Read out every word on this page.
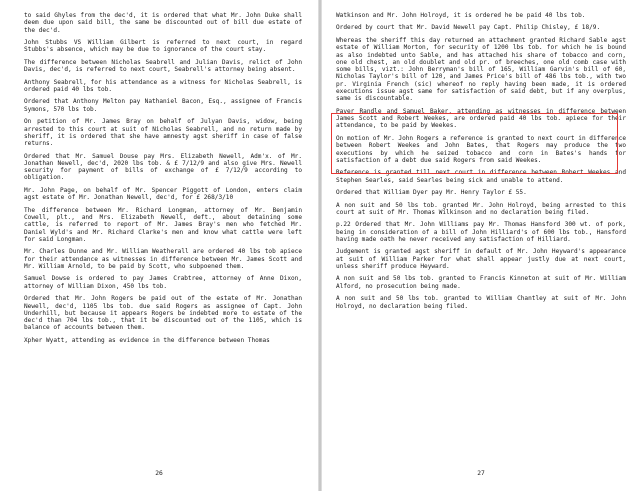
to said Ghyles from the dec'd, it is ordered that what Mr. John Duke shall deem due upon said bill, the same be discounted out of bill due estate of the dec'd.

John Stubbs VS William Gilbert is referred to next court, in regard Stubbs's absence, which may be due to ignorance of the court stay.

The difference between Nicholas Seabrell and Julian Davis, relict of John Davis, dec'd, is referred to next court, Seabrell's attorney being absent.

Anthony Seabrell, for his attendance as a witness for Nicholas Seabrell, is ordered paid 40 lbs tob.

Ordered that Anthony Melton pay Nathaniel Bacon, Esq., assignee of Francis Symons, 570 lbs tob.

On petition of Mr. James Bray on behalf of Julyan Davis, widow, being arrested to this court at suit of Nicholas Seabrell, and no return made by sheriff, it is ordered that she have amnesty agst sheriff in case of false returns.

Ordered that Mr. Samuel Douse pay Mrs. Elizabeth Newell, Adm'x. of Mr. Jonathan Newell, dec'd, 2020 lbs tob. & £ 7/12/9 and also give Mrs. Newell security for payment of bills of exchange of £ 7/12/9 according to obligation.

Mr. John Page, on behalf of Mr. Spencer Piggott of London, enters claim agst estate of Mr. Jonathan Newell, dec'd, for £ 268/3/10

The difference between Mr. Richard Longman, attorney of Mr. Benjamin Cowell, plt., and Mrs. Elizabeth Newell, deft., about detaining some cattle, is referred to report of Mr. James Bray's men who fetched Mr. Daniel Wyld's and Mr. Richard Clarke's men and know what cattle were left for said Longman.

Mr. Charles Dunne and Mr. William Weatherall are ordered 40 lbs tob apiece for their attendance as witnesses in difference between Mr. James Scott and Mr. William Arnold, to be paid by Scott, who subpoened them.

Samuel Dowse is ordered to pay James Crabtree, attorney of Anne Dixon, attorney of William Dixon, 450 lbs tob.

Ordered that Mr. John Rogers be paid out of the estate of Mr. Jonathan Newell, dec'd, 1105 lbs tob. due said Rogers as assignee of Capt. John Underhill, but because it appears Rogers be indebted more to estate of the dec'd than 704 lbs tob., that it be discounted out of the 1105, which is balance of accounts between them.

Xpher Wyatt, attending as evidence in the difference between Thomas

26

Watkinson and Mr. John Holroyd, it is ordered he be paid 40 lbs tob.

Ordered by court that Mr. David Newell pay Capt. Philip Chisley, £ 18/9.

Whereas the sheriff this day returned an attachment granted Richard Sable agst estate of William Morton, for security of 1200 lbs tob. for which he is bound as also indebted unto Sable, and has attached his share of tobacco and corn, one old chest, an old doublet and old pr. of breeches, one old comb case with some bills, vizt.: John Berryman's bill of 165, William Garvin's bill of 60, Nicholas Taylor's bill of 120, and James Price's bill of 486 lbs tob., with two pr. Virginia French (sic) whereof no reply having been made, it is ordered executions issue agst same for satisfaction of said debt, but if any overplus, same is discountable.

Paver Randle and Samuel Baker, attending as witnesses in difference between James Scott and Robert Weekes, are ordered paid 40 lbs tob. apiece for their attendance, to be paid by Weekes.

On motion of Mr. John Rogers a reference is granted to next court in difference between Robert Weekes and John Bates, that Rogers may produce the two executions by which he seized tobacco and corn in Bates's hands for satisfaction of a debt due said Rogers from said Weekes.

Reference is granted till next court in difference between Robert Weekes and Stephen Searles, said Searles being sick and unable to attend.

Ordered that William Dyer pay Mr. Henry Taylor £ 55.

A non suit and 50 lbs tob. granted Mr. John Holroyd, being arrested to this court at suit of Mr. Thomas Wilkinson and no declaration being filed.

p.22 Ordered that Mr. John Williams pay Mr. Thomas Hansford 300 wt. of pork, being in consideration of a bill of John Hilliard's of 600 lbs tob., Hansford having made oath he never received any satisfaction of Hilliard.

Judgement is granted agst sheriff in default of Mr. John Heyward's appearance at suit of William Parker for what shall appear justly due at next court, unless sheriff produce Heyward.

A non suit and 50 lbs tob. granted to Francis Kinneton at suit of Mr. William Alford, no prosecution being made.

A non suit and 50 lbs tob. granted to William Chantley at suit of Mr. John Holroyd, no declaration being filed.

27
